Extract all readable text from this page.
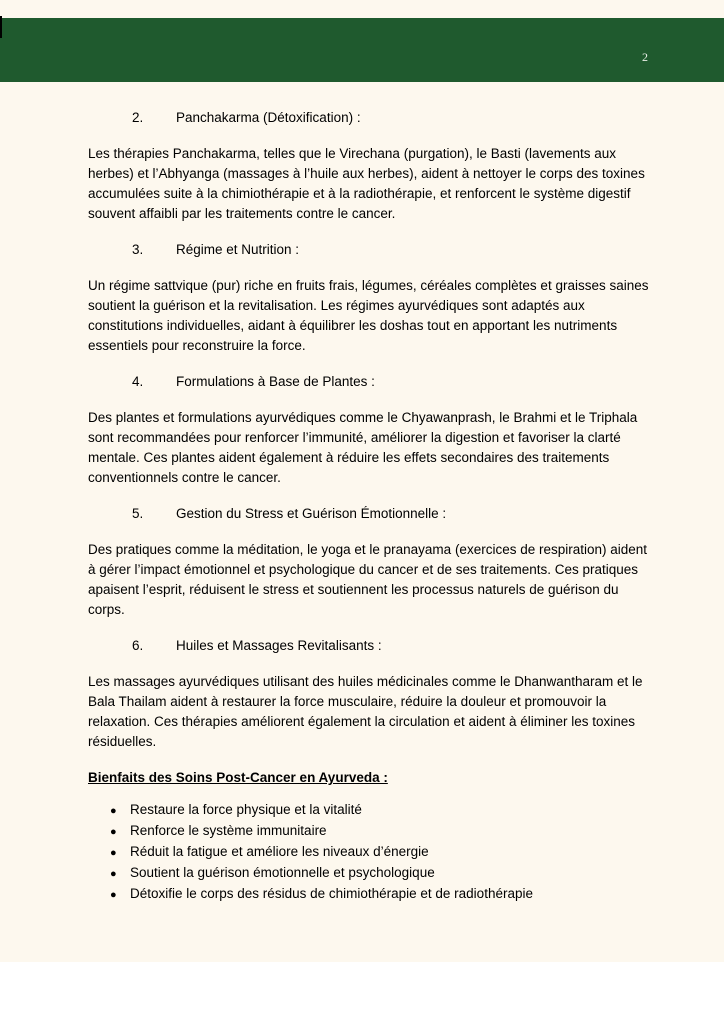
2
2.	Panchakarma (Détoxification) :

Les thérapies Panchakarma, telles que le Virechana (purgation), le Basti (lavements aux herbes) et l’Abhyanga (massages à l’huile aux herbes), aident à nettoyer le corps des toxines accumulées suite à la chimiothérapie et à la radiothérapie, et renforcent le système digestif souvent affaibli par les traitements contre le cancer.

3.	Régime et Nutrition :

Un régime sattvique (pur) riche en fruits frais, légumes, céréales complètes et graisses saines soutient la guérison et la revitalisation. Les régimes ayurvédiques sont adaptés aux constitutions individuelles, aidant à équilibrer les doshas tout en apportant les nutriments essentiels pour reconstruire la force.

4.	Formulations à Base de Plantes :

Des plantes et formulations ayurvédiques comme le Chyawanprash, le Brahmi et le Triphala sont recommandées pour renforcer l’immunité, améliorer la digestion et favoriser la clarté mentale. Ces plantes aident également à réduire les effets secondaires des traitements conventionnels contre le cancer.

5.	Gestion du Stress et Guérison Émotionnelle :

Des pratiques comme la méditation, le yoga et le pranayama (exercices de respiration) aident à gérer l’impact émotionnel et psychologique du cancer et de ses traitements. Ces pratiques apaisent l’esprit, réduisent le stress et soutiennent les processus naturels de guérison du corps.

6.	Huiles et Massages Revitalisants :

Les massages ayurvédiques utilisant des huiles médicinales comme le Dhanwantharam et le Bala Thailam aident à restaurer la force musculaire, réduire la douleur et promouvoir la relaxation. Ces thérapies améliorent également la circulation et aident à éliminer les toxines résiduelles.

Bienfaits des Soins Post-Cancer en Ayurveda :
● Restaure la force physique et la vitalité
● Renforce le système immunitaire
● Réduit la fatigue et améliore les niveaux d’énergie
● Soutient la guérison émotionnelle et psychologique
● Détoxifie le corps des résidus de chimiothérapie et de radiothérapie
